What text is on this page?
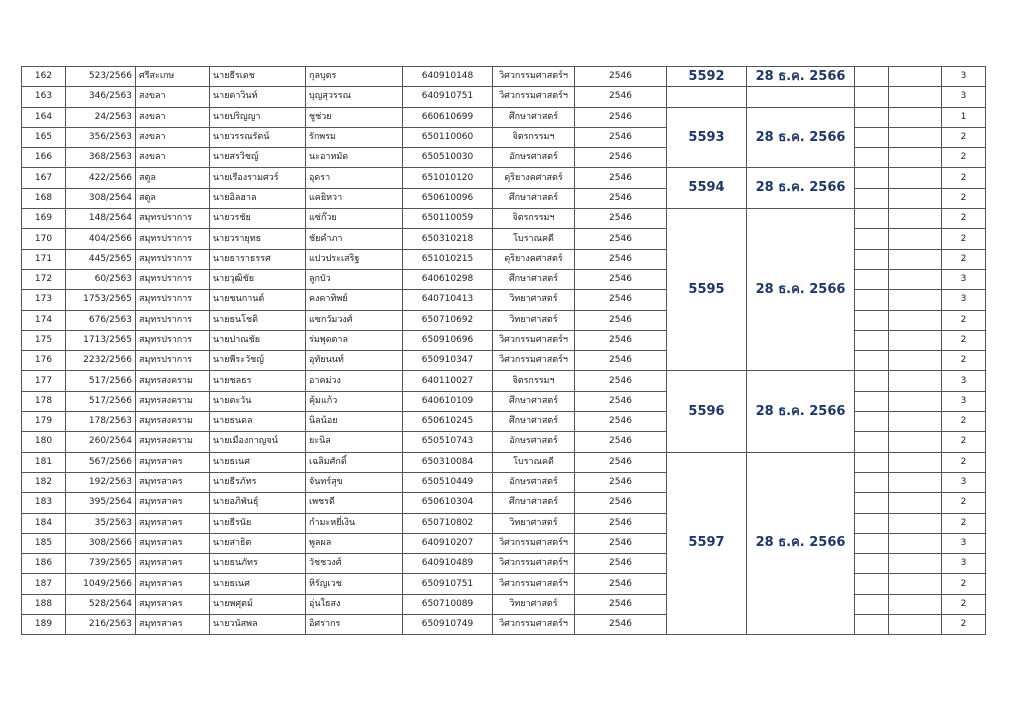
162	523/2566	ศรีสะเกษ	นายธีรเดช	กุลบุตร	640910148	วิศวกรรมศาสตร์ฯ	2546	5592	28 ธ.ค. 2566			3
163	346/2563	สงขลา	นายดาวินท์	บุญสุวรรณ	640910751	วิศวกรรมศาสตร์ฯ	2546					3
164	24/2563	สงขลา	นายปริญญา	ชูช่วย	660610699	ศึกษาศาสตร์	2546	5593	28 ธ.ค. 2566			1
165	356/2563	สงขลา	นายวรรณรัตน์	รักพรม	650110060	จิตรกรรมฯ	2546					2
166	368/2563	สงขลา	นายสรวิชญ์	นะอาหมัด	650510030	อักษรศาสตร์	2546					2
167	422/2566	สตูล	นายเรืองรามศวร์	อุดรา	651010120	ดุริยางคศาสตร์	2546	5594	28 ธ.ค. 2566			2
168	308/2564	สตูล	นายอิลฮาล	แคยิหวา	650610096	ศึกษาศาสตร์	2546					2
169	148/2564	สมุทรปราการ	นายวรชัย	แซ่ก๊วย	650110059	จิตรกรรมฯ	2546	5595	28 ธ.ค. 2566			2
170	404/2566	สมุทรปราการ	นายวรายุทธ	ชัยคำภา	650310218	โบราณคดี	2546					2
171	445/2565	สมุทรปราการ	นายธาราธรรศ	แปวประเสริฐ	651010215	ดุริยางคศาสตร์	2546					2
172	60/2563	สมุทรปราการ	นายวุฒิชัย	ลูกบัว	640610298	ศึกษาศาสตร์	2546					3
173	1753/2565	สมุทรปราการ	นายชนกานต์	คงคาทิพย์	640710413	วิทยาศาสตร์	2546					3
174	676/2563	สมุทรปราการ	นายธนโชติ	แซกวัมวงศ์	650710692	วิทยาศาสตร์	2546					2
175	1713/2565	สมุทรปราการ	นายปาณชัย	ร่มพุดตาล	650910696	วิศวกรรมศาสตร์ฯ	2546					2
176	2232/2566	สมุทรปราการ	นายพีระวัชญ์	อุทัยนนท์	650910347	วิศวกรรมศาสตร์ฯ	2546					2
177	517/2566	สมุทรสงคราม	นายชลธร	อาคม่วง	640110027	จิตรกรรมฯ	2546	5596	28 ธ.ค. 2566			3
178	517/2566	สมุทรสงคราม	นายตะวัน	คุ้มแก้ว	640610109	ศึกษาศาสตร์	2546					3
179	178/2563	สมุทรสงคราม	นายธนดล	นิลน้อย	650610245	ศึกษาศาสตร์	2546					2
180	260/2564	สมุทรสงคราม	นายเมืองกาญจน์	ยะนิล	650510743	อักษรศาสตร์	2546					2
181	567/2566	สมุทรสาคร	นายธเนศ	เฉลิมศักดิ์	650310084	โบราณคดี	2546	5597	28 ธ.ค. 2566			2
182	192/2563	สมุทรสาคร	นายธีรภัทร	จันทร์สุข	650510449	อักษรศาสตร์	2546					3
183	395/2564	สมุทรสาคร	นายอภิพันธุ์	เพชรดี	650610304	ศึกษาศาสตร์	2546					2
184	35/2563	สมุทรสาคร	นายธีรนัย	กำมะหยี่เงิน	650710802	วิทยาศาสตร์	2546					2
185	308/2566	สมุทรสาคร	นายสาธิต	พูลผล	640910207	วิศวกรรมศาสตร์ฯ	2546					3
186	739/2565	สมุทรสาคร	นายธนภัทร	วัชชวงศ์	640910489	วิศวกรรมศาสตร์ฯ	2546					3
187	1049/2566	สมุทรสาคร	นายธเนศ	หิรัญเวช	650910751	วิศวกรรมศาสตร์ฯ	2546					2
188	528/2564	สมุทรสาคร	นายพศุตม์	อุ่นใธสง	650710089	วิทยาศาสตร์	2546					2
189	216/2563	สมุทรสาคร	นายวนัสพล	อิศรากร	650910749	วิศวกรรมศาสตร์ฯ	2546					2
